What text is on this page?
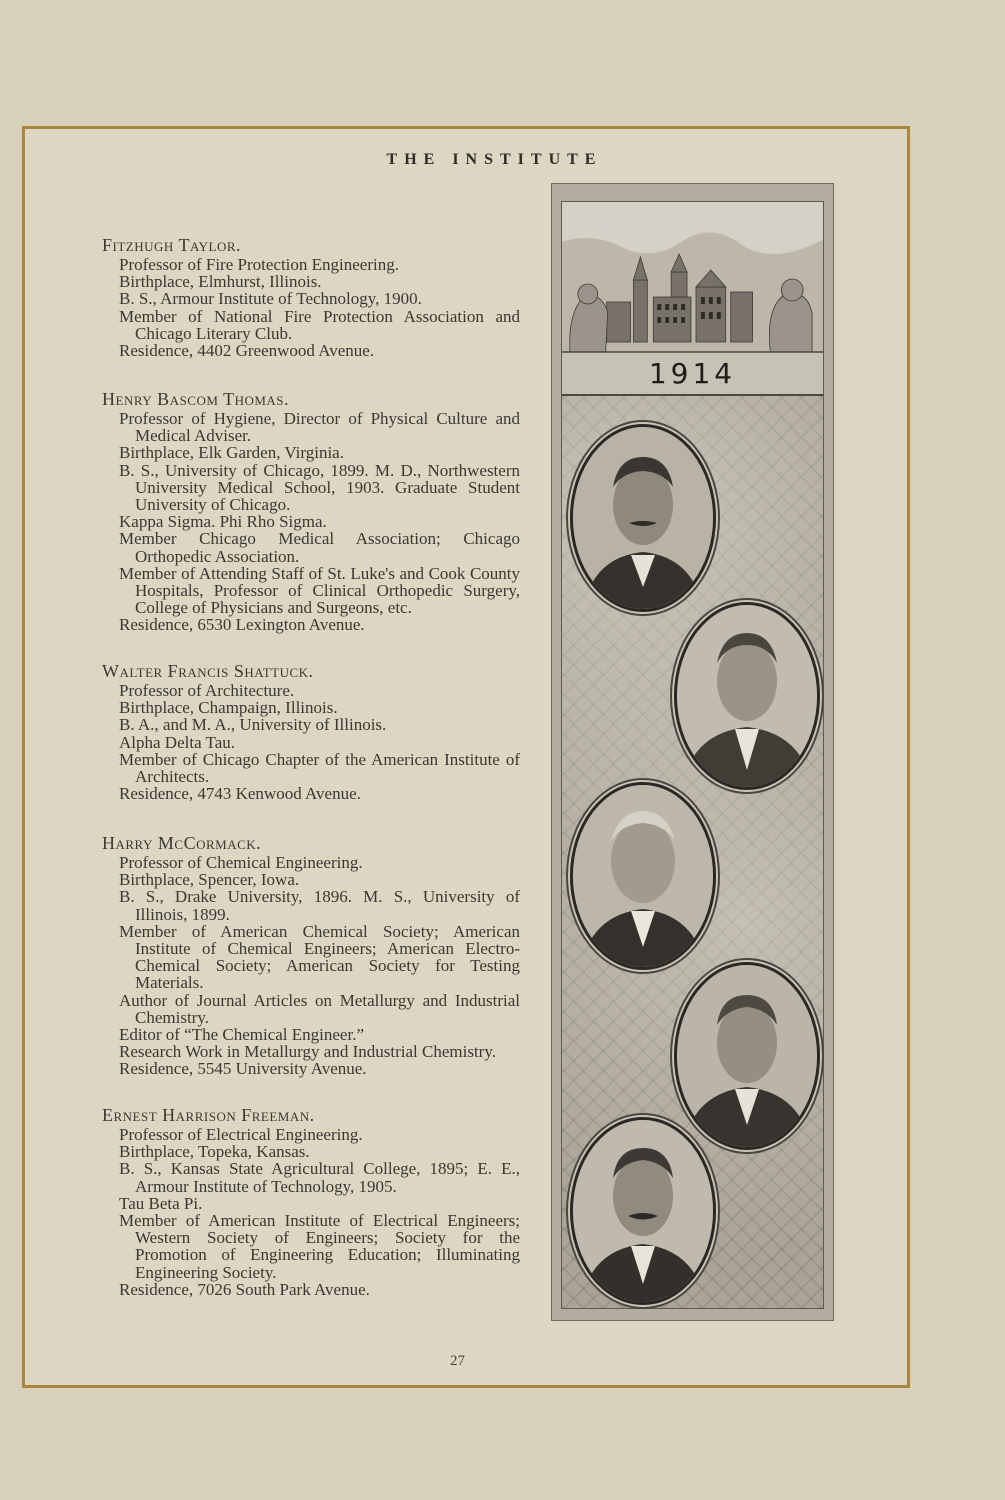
THE INSTITUTE

Fitzhugh Taylor.

Professor of Fire Protection Engineering.

Birthplace, Elmhurst, Illinois.

B. S., Armour Institute of Technology, 1900.

Member of National Fire Protection Association and Chicago Literary Club.

Residence, 4402 Greenwood Avenue.

Henry Bascom Thomas.

Professor of Hygiene, Director of Physical Culture and Medical Adviser.

Birthplace, Elk Garden, Virginia.

B. S., University of Chicago, 1899. M. D., Northwestern University Medical School, 1903. Graduate Student University of Chicago.

Kappa Sigma. Phi Rho Sigma.

Member Chicago Medical Association; Chicago Orthopedic Association.

Member of Attending Staff of St. Luke's and Cook County Hospitals, Professor of Clinical Orthopedic Surgery, College of Physicians and Surgeons, etc.

Residence, 6530 Lexington Avenue.

Walter Francis Shattuck.

Professor of Architecture.

Birthplace, Champaign, Illinois.

B. A., and M. A., University of Illinois.

Alpha Delta Tau.

Member of Chicago Chapter of the American Institute of Architects.

Residence, 4743 Kenwood Avenue.

Harry McCormack.

Professor of Chemical Engineering.

Birthplace, Spencer, Iowa.

B. S., Drake University, 1896. M. S., University of Illinois, 1899.

Member of American Chemical Society; American Institute of Chemical Engineers; American Electro-Chemical Society; American Society for Testing Materials.

Author of Journal Articles on Metallurgy and Industrial Chemistry.

Editor of “The Chemical Engineer.”

Research Work in Metallurgy and Industrial Chemistry.

Residence, 5545 University Avenue.

Ernest Harrison Freeman.

Professor of Electrical Engineering.

Birthplace, Topeka, Kansas.

B. S., Kansas State Agricultural College, 1895; E. E., Armour Institute of Technology, 1905.

Tau Beta Pi.

Member of American Institute of Electrical Engineers; Western Society of Engineers; Society for the Promotion of Engineering Education; Illuminating Engineering Society.

Residence, 7026 South Park Avenue.

1914
27
